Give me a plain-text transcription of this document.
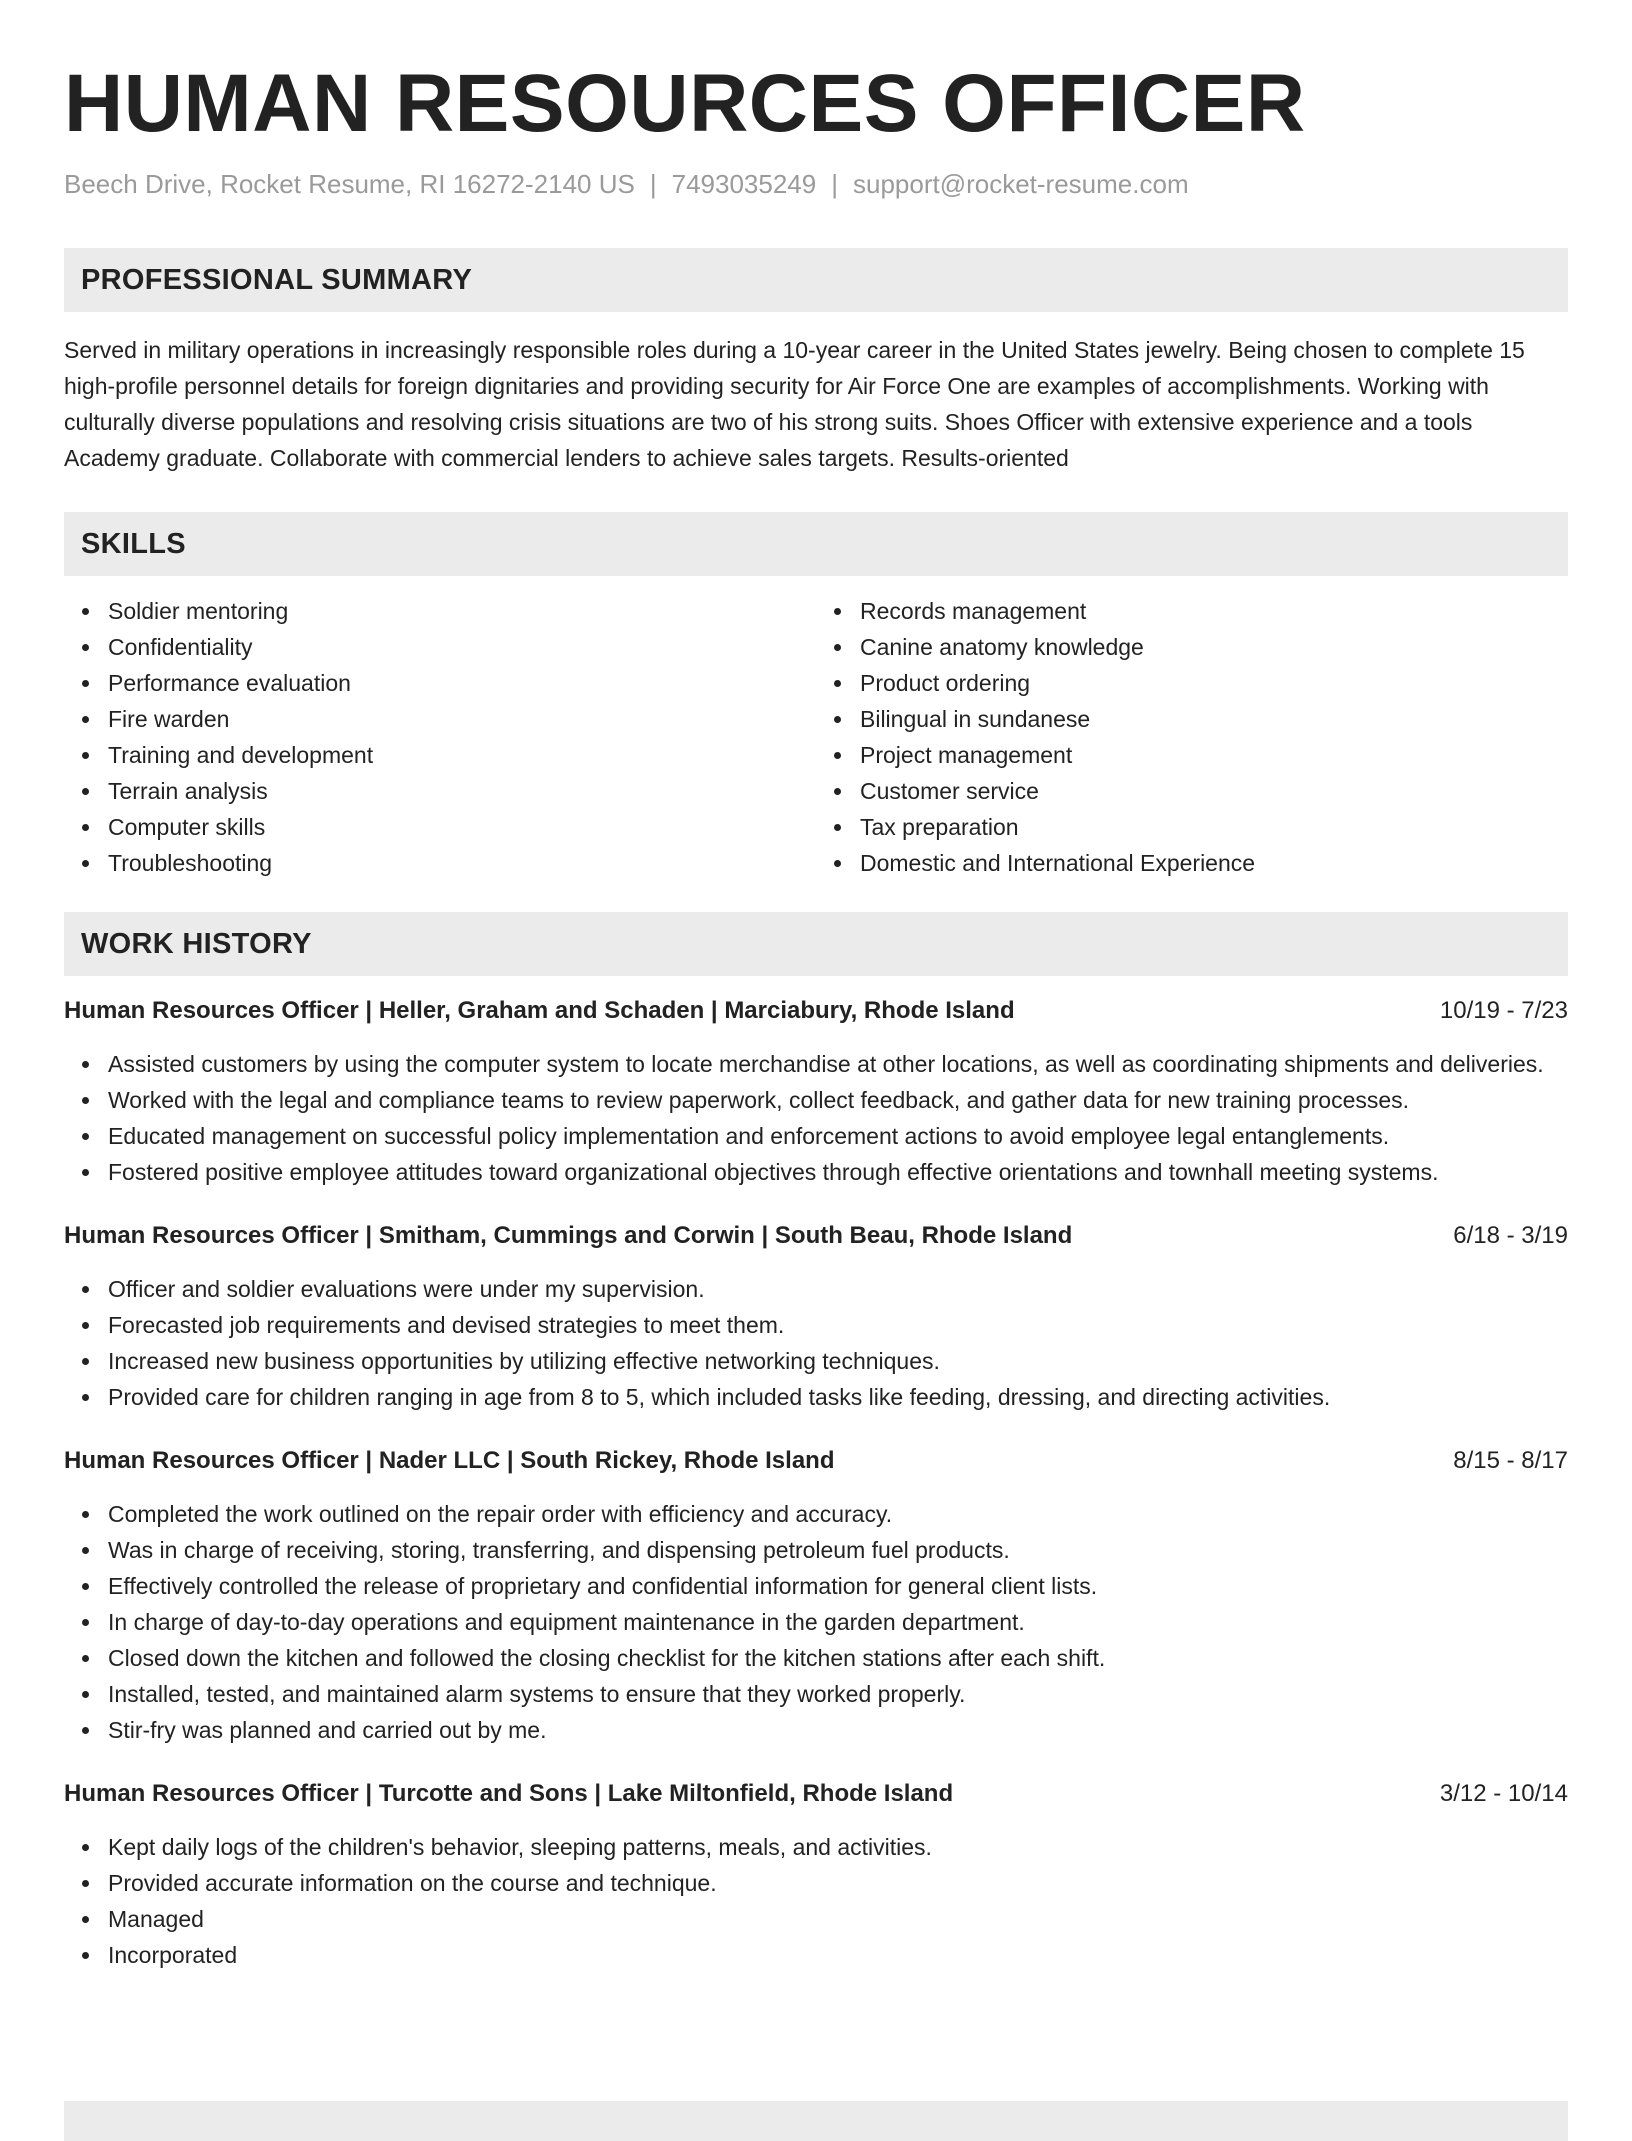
HUMAN RESOURCES OFFICER
Beech Drive, Rocket Resume, RI 16272-2140 US | 7493035249 | support@rocket-resume.com
PROFESSIONAL SUMMARY

Served in military operations in increasingly responsible roles during a 10-year career in the United States jewelry. Being chosen to complete 15 high-profile personnel details for foreign dignitaries and providing security for Air Force One are examples of accomplishments. Working with culturally diverse populations and resolving crisis situations are two of his strong suits. Shoes Officer with extensive experience and a tools Academy graduate. Collaborate with commercial lenders to achieve sales targets. Results-oriented

SKILLS
Soldier mentoring
Confidentiality
Performance evaluation
Fire warden
Training and development
Terrain analysis
Computer skills
Troubleshooting
Records management
Canine anatomy knowledge
Product ordering
Bilingual in sundanese
Project management
Customer service
Tax preparation
Domestic and International Experience
WORK HISTORY
Human Resources Officer | Heller, Graham and Schaden | Marciabury, Rhode Island	10/19 - 7/23
Assisted customers by using the computer system to locate merchandise at other locations, as well as coordinating shipments and deliveries.
Worked with the legal and compliance teams to review paperwork, collect feedback, and gather data for new training processes.
Educated management on successful policy implementation and enforcement actions to avoid employee legal entanglements.
Fostered positive employee attitudes toward organizational objectives through effective orientations and townhall meeting systems.
Human Resources Officer | Smitham, Cummings and Corwin | South Beau, Rhode Island	6/18 - 3/19
Officer and soldier evaluations were under my supervision.
Forecasted job requirements and devised strategies to meet them.
Increased new business opportunities by utilizing effective networking techniques.
Provided care for children ranging in age from 8 to 5, which included tasks like feeding, dressing, and directing activities.
Human Resources Officer | Nader LLC | South Rickey, Rhode Island	8/15 - 8/17
Completed the work outlined on the repair order with efficiency and accuracy.
Was in charge of receiving, storing, transferring, and dispensing petroleum fuel products.
Effectively controlled the release of proprietary and confidential information for general client lists.
In charge of day-to-day operations and equipment maintenance in the garden department.
Closed down the kitchen and followed the closing checklist for the kitchen stations after each shift.
Installed, tested, and maintained alarm systems to ensure that they worked properly.
Stir-fry was planned and carried out by me.
Human Resources Officer | Turcotte and Sons | Lake Miltonfield, Rhode Island	3/12 - 10/14
Kept daily logs of the children's behavior, sleeping patterns, meals, and activities.
Provided accurate information on the course and technique.
Managed
Incorporated
